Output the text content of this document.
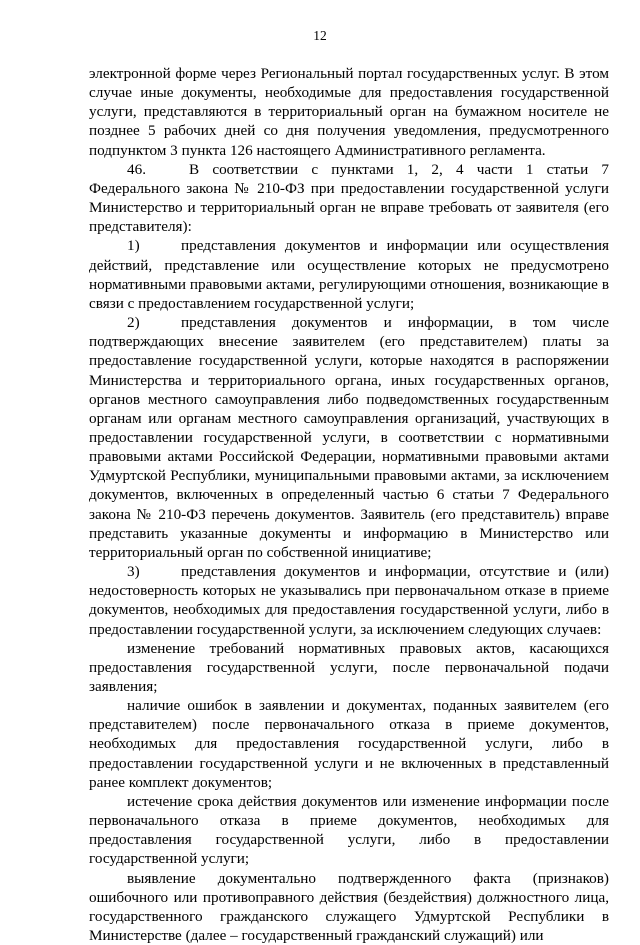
12

электронной форме через Региональный портал государственных услуг. В этом случае иные документы, необходимые для предоставления государственной услуги, представляются в территориальный орган на бумажном носителе не позднее 5 рабочих дней со дня получения уведомления, предусмотренного подпунктом 3 пункта 126 настоящего Административного регламента.

46.	В соответствии с пунктами 1, 2, 4 части 1 статьи 7 Федерального закона № 210-ФЗ при предоставлении государственной услуги Министерство и территориальный орган не вправе требовать от заявителя (его представителя):

1)	представления документов и информации или осуществления действий, представление или осуществление которых не предусмотрено нормативными правовыми актами, регулирующими отношения, возникающие в связи с предоставлением государственной услуги;

2)	представления документов и информации, в том числе подтверждающих внесение заявителем (его представителем) платы за предоставление государственной услуги, которые находятся в распоряжении Министерства и территориального органа, иных государственных органов, органов местного самоуправления либо подведомственных государственным органам или органам местного самоуправления организаций, участвующих в предоставлении государственной услуги, в соответствии с нормативными правовыми актами Российской Федерации, нормативными правовыми актами Удмуртской Республики, муниципальными правовыми актами, за исключением документов, включенных в определенный частью 6 статьи 7 Федерального закона № 210-ФЗ перечень документов. Заявитель (его представитель) вправе представить указанные документы и информацию в Министерство или территориальный орган по собственной инициативе;

3)	представления документов и информации, отсутствие и (или) недостоверность которых не указывались при первоначальном отказе в приеме документов, необходимых для предоставления государственной услуги, либо в предоставлении государственной услуги, за исключением следующих случаев:

изменение требований нормативных правовых актов, касающихся предоставления государственной услуги, после первоначальной подачи заявления;

наличие ошибок в заявлении и документах, поданных заявителем (его представителем) после первоначального отказа в приеме документов, необходимых для предоставления государственной услуги, либо в предоставлении государственной услуги и не включенных в представленный ранее комплект документов;

истечение срока действия документов или изменение информации после первоначального отказа в приеме документов, необходимых для предоставления государственной услуги, либо в предоставлении государственной услуги;

выявление документально подтвержденного факта (признаков) ошибочного или противоправного действия (бездействия) должностного лица, государственного гражданского служащего Удмуртской Республики в Министерстве (далее – государственный гражданский служащий) или
